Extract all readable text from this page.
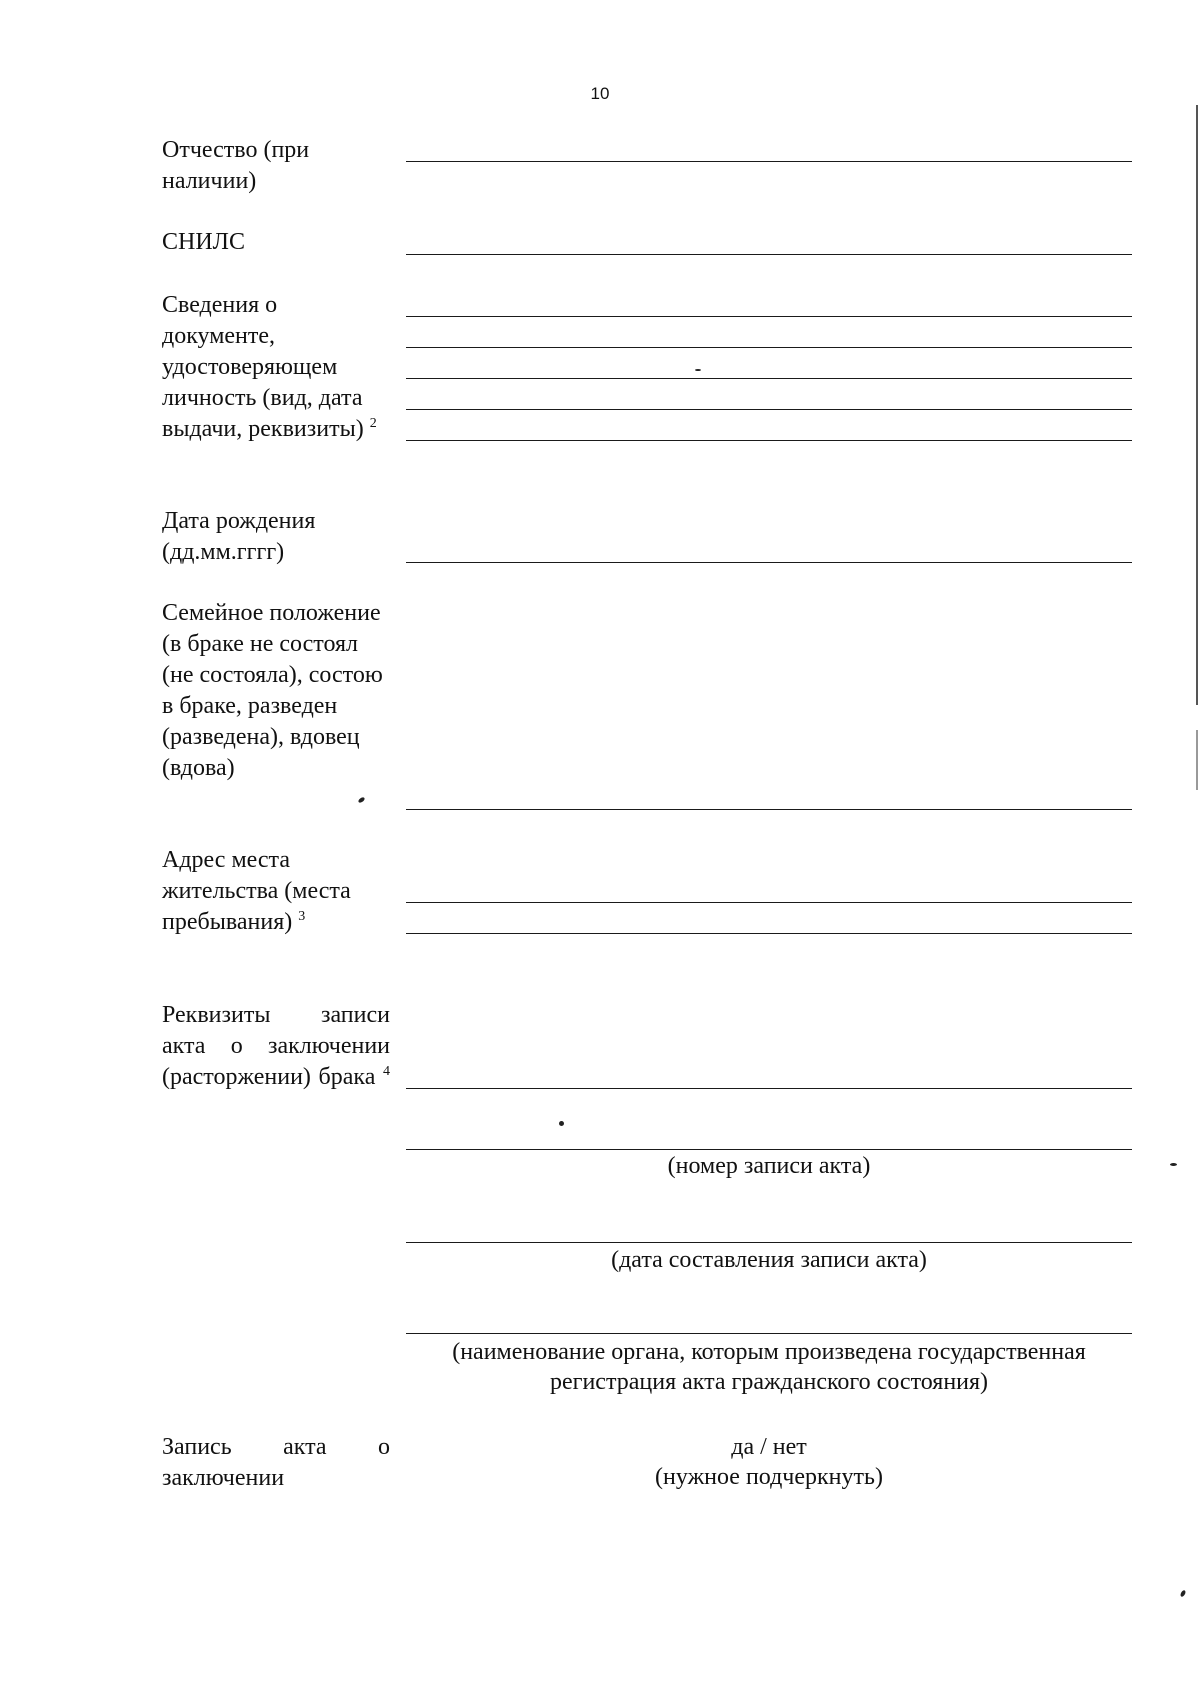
10
Отчество (при наличии)
СНИЛС
Сведения о документе, удостоверяющем личность (вид, дата выдачи, реквизиты) $^2$
Дата рождения (дд.мм.гггг)
Семейное положение (в браке не состоял (не состояла), состою в браке, разведен (разведена), вдовец (вдова)
Адрес места жительства (места пребывания) $^3$
Реквизиты записи акта о заключении (расторжении) брака $^4$
(номер записи акта)
(дата составления записи акта)
(наименование органа, которым произведена государственная регистрация акта гражданского состояния)
Запись акта о заключении
да / нет
(нужное подчеркнуть)
